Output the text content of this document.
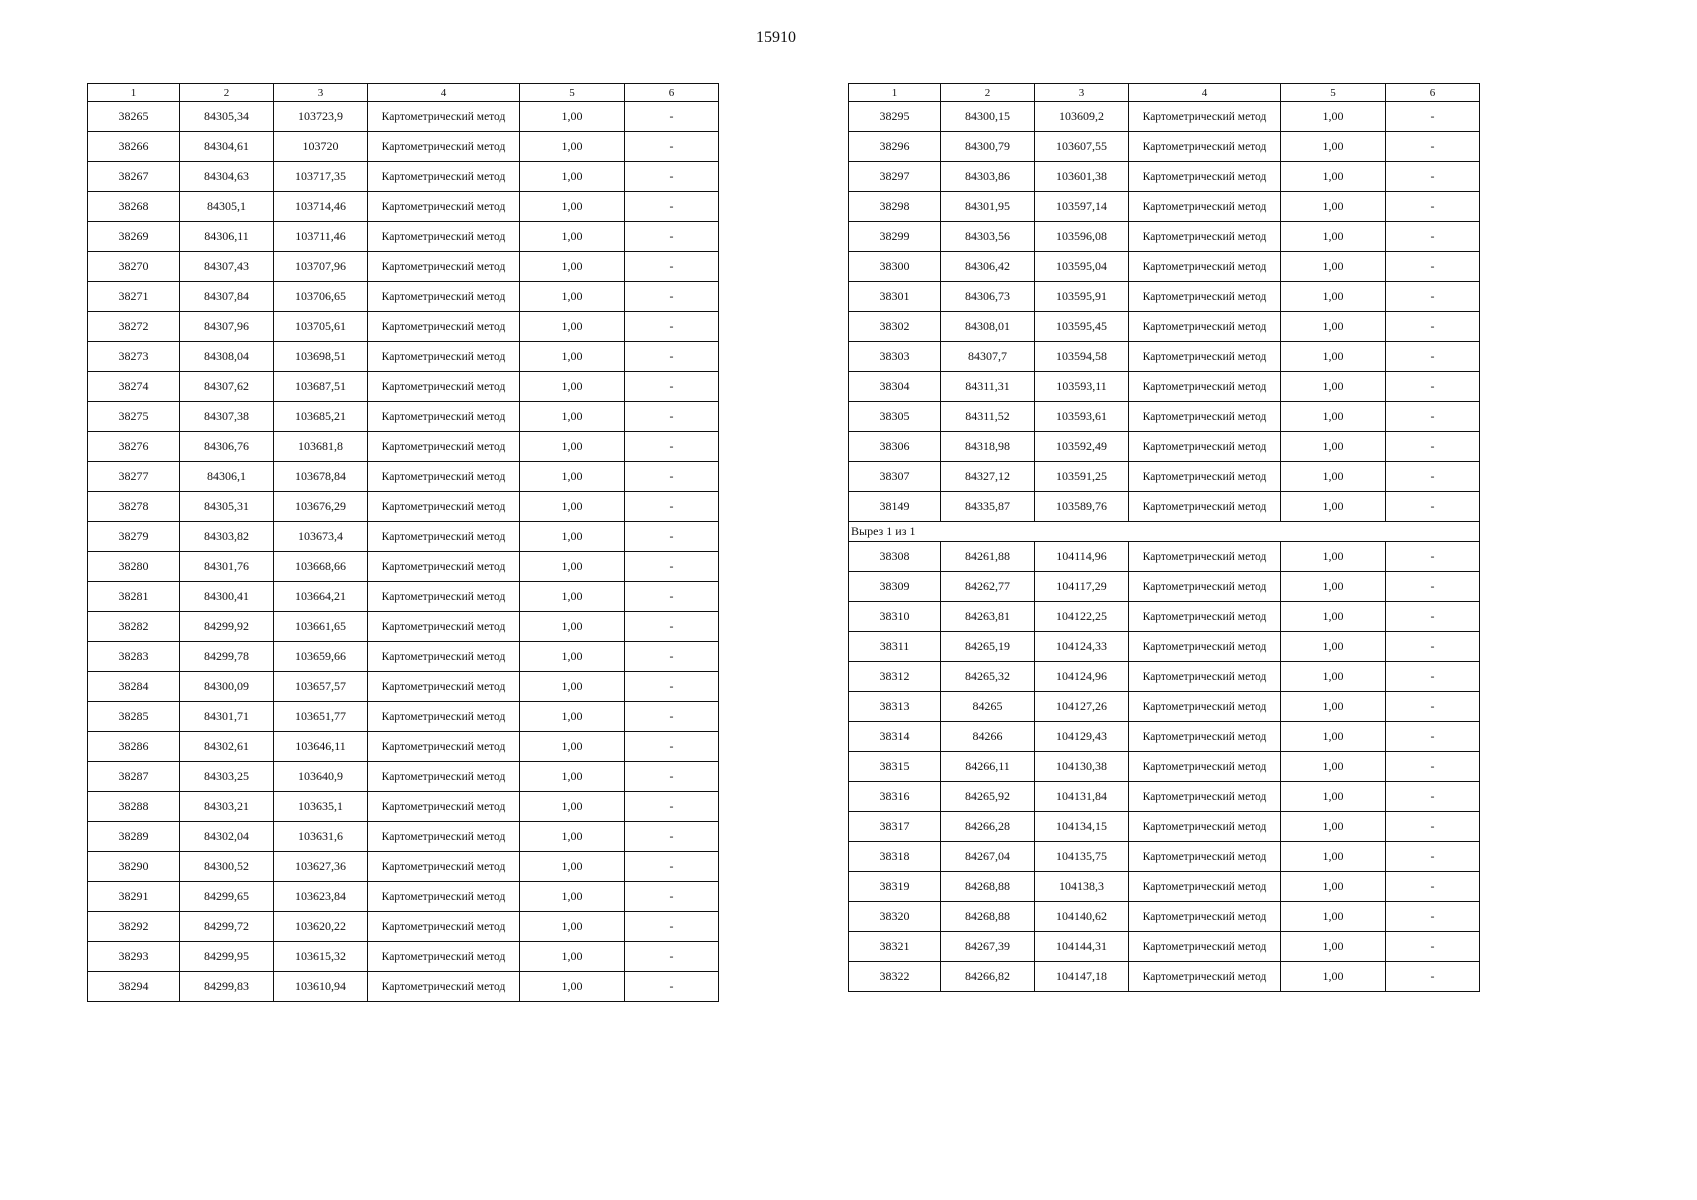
15910
1	2	3	4	5	6
38265	84305,34	103723,9	Картометрический метод	1,00	-
38266	84304,61	103720	Картометрический метод	1,00	-
38267	84304,63	103717,35	Картометрический метод	1,00	-
38268	84305,1	103714,46	Картометрический метод	1,00	-
38269	84306,11	103711,46	Картометрический метод	1,00	-
38270	84307,43	103707,96	Картометрический метод	1,00	-
38271	84307,84	103706,65	Картометрический метод	1,00	-
38272	84307,96	103705,61	Картометрический метод	1,00	-
38273	84308,04	103698,51	Картометрический метод	1,00	-
38274	84307,62	103687,51	Картометрический метод	1,00	-
38275	84307,38	103685,21	Картометрический метод	1,00	-
38276	84306,76	103681,8	Картометрический метод	1,00	-
38277	84306,1	103678,84	Картометрический метод	1,00	-
38278	84305,31	103676,29	Картометрический метод	1,00	-
38279	84303,82	103673,4	Картометрический метод	1,00	-
38280	84301,76	103668,66	Картометрический метод	1,00	-
38281	84300,41	103664,21	Картометрический метод	1,00	-
38282	84299,92	103661,65	Картометрический метод	1,00	-
38283	84299,78	103659,66	Картометрический метод	1,00	-
38284	84300,09	103657,57	Картометрический метод	1,00	-
38285	84301,71	103651,77	Картометрический метод	1,00	-
38286	84302,61	103646,11	Картометрический метод	1,00	-
38287	84303,25	103640,9	Картометрический метод	1,00	-
38288	84303,21	103635,1	Картометрический метод	1,00	-
38289	84302,04	103631,6	Картометрический метод	1,00	-
38290	84300,52	103627,36	Картометрический метод	1,00	-
38291	84299,65	103623,84	Картометрический метод	1,00	-
38292	84299,72	103620,22	Картометрический метод	1,00	-
38293	84299,95	103615,32	Картометрический метод	1,00	-
38294	84299,83	103610,94	Картометрический метод	1,00	-
1	2	3	4	5	6
38295	84300,15	103609,2	Картометрический метод	1,00	-
38296	84300,79	103607,55	Картометрический метод	1,00	-
38297	84303,86	103601,38	Картометрический метод	1,00	-
38298	84301,95	103597,14	Картометрический метод	1,00	-
38299	84303,56	103596,08	Картометрический метод	1,00	-
38300	84306,42	103595,04	Картометрический метод	1,00	-
38301	84306,73	103595,91	Картометрический метод	1,00	-
38302	84308,01	103595,45	Картометрический метод	1,00	-
38303	84307,7	103594,58	Картометрический метод	1,00	-
38304	84311,31	103593,11	Картометрический метод	1,00	-
38305	84311,52	103593,61	Картометрический метод	1,00	-
38306	84318,98	103592,49	Картометрический метод	1,00	-
38307	84327,12	103591,25	Картометрический метод	1,00	-
38149	84335,87	103589,76	Картометрический метод	1,00	-
Вырез 1 из 1					
38308	84261,88	104114,96	Картометрический метод	1,00	-
38309	84262,77	104117,29	Картометрический метод	1,00	-
38310	84263,81	104122,25	Картометрический метод	1,00	-
38311	84265,19	104124,33	Картометрический метод	1,00	-
38312	84265,32	104124,96	Картометрический метод	1,00	-
38313	84265	104127,26	Картометрический метод	1,00	-
38314	84266	104129,43	Картометрический метод	1,00	-
38315	84266,11	104130,38	Картометрический метод	1,00	-
38316	84265,92	104131,84	Картометрический метод	1,00	-
38317	84266,28	104134,15	Картометрический метод	1,00	-
38318	84267,04	104135,75	Картометрический метод	1,00	-
38319	84268,88	104138,3	Картометрический метод	1,00	-
38320	84268,88	104140,62	Картометрический метод	1,00	-
38321	84267,39	104144,31	Картометрический метод	1,00	-
38322	84266,82	104147,18	Картометрический метод	1,00	-
